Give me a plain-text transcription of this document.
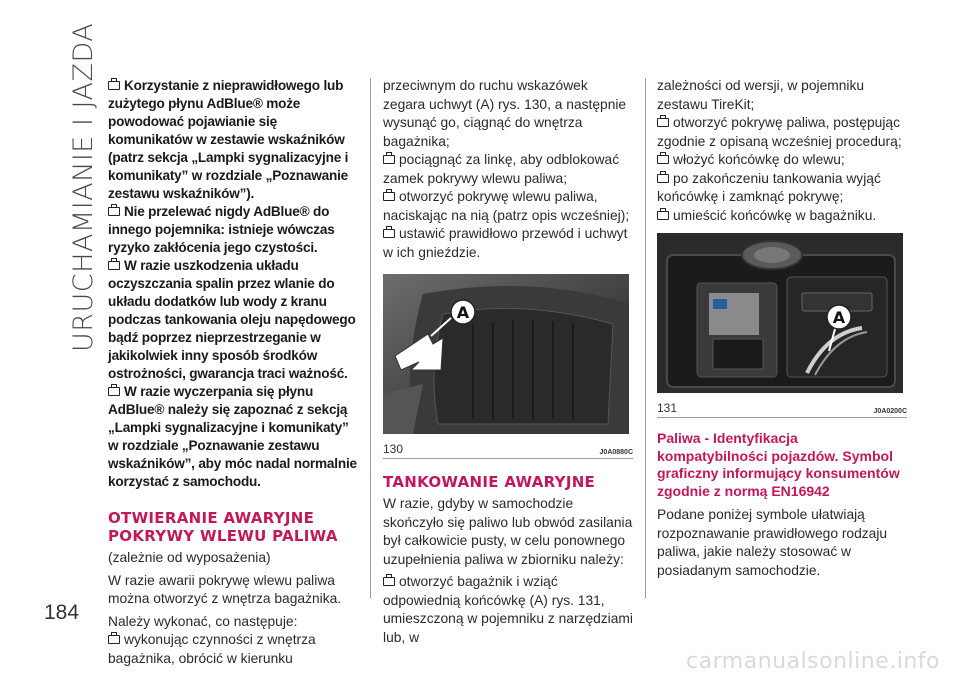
URUCHAMIANIE I JAZDA
184

Korzystanie z nieprawidłowego lub zużytego płynu AdBlue® może powodować pojawianie się komunikatów w zestawie wskaźników (patrz sekcja „Lampki sygnalizacyjne i komunikaty” w rozdziale „Poznawanie zestawu wskaźników”).

Nie przelewać nigdy AdBlue® do innego pojemnika: istnieje wówczas ryzyko zakłócenia jego czystości.

W razie uszkodzenia układu oczyszczania spalin przez wlanie do układu dodatków lub wody z kranu podczas tankowania oleju napędowego bądź poprzez nieprzestrzeganie w jakikolwiek inny sposób środków ostrożności, gwarancja traci ważność.

W razie wyczerpania się płynu AdBlue® należy się zapoznać z sekcją „Lampki sygnalizacyjne i komunikaty” w rozdziale „Poznawanie zestawu wskaźników”, aby móc nadal normalnie korzystać z samochodu.

OTWIERANIE AWARYJNE POKRYWY WLEWU PALIWA

(zależnie od wyposażenia)

W razie awarii pokrywę wlewu paliwa można otworzyć z wnętrza bagażnika.

Należy wykonać, co następuje:

wykonując czynności z wnętrza bagażnika, obrócić w kierunku

przeciwnym do ruchu wskazówek zegara uchwyt (A) rys. 130, a następnie wysunąć go, ciągnąć do wnętrza bagażnika;

pociągnąć za linkę, aby odblokować zamek pokrywy wlewu paliwa;

otworzyć pokrywę wlewu paliwa, naciskając na nią (patrz opis wcześniej);

ustawić prawidłowo przewód i uchwyt w ich gnieździe.

A
130	J0A0880C
TANKOWANIE AWARYJNE

W razie, gdyby w samochodzie skończyło się paliwo lub obwód zasilania był całkowicie pusty, w celu ponownego uzupełnienia paliwa w zbiorniku należy:

otworzyć bagażnik i wziąć odpowiednią końcówkę (A) rys. 131, umieszczoną w pojemniku z narzędziami lub, w

zależności od wersji, w pojemniku zestawu TireKit;

otworzyć pokrywę paliwa, postępując zgodnie z opisaną wcześniej procedurą;

włożyć końcówkę do wlewu;

po zakończeniu tankowania wyjąć końcówkę i zamknąć pokrywę;

umieścić końcówkę w bagażniku.

A
131	J0A0200C
Paliwa - Identyfikacja kompatybilności pojazdów. Symbol graficzny informujący konsumentów zgodnie z normą EN16942

Podane poniżej symbole ułatwiają rozpoznawanie prawidłowego rodzaju paliwa, jakie należy stosować w posiadanym samochodzie.

carmanualsonline.info
